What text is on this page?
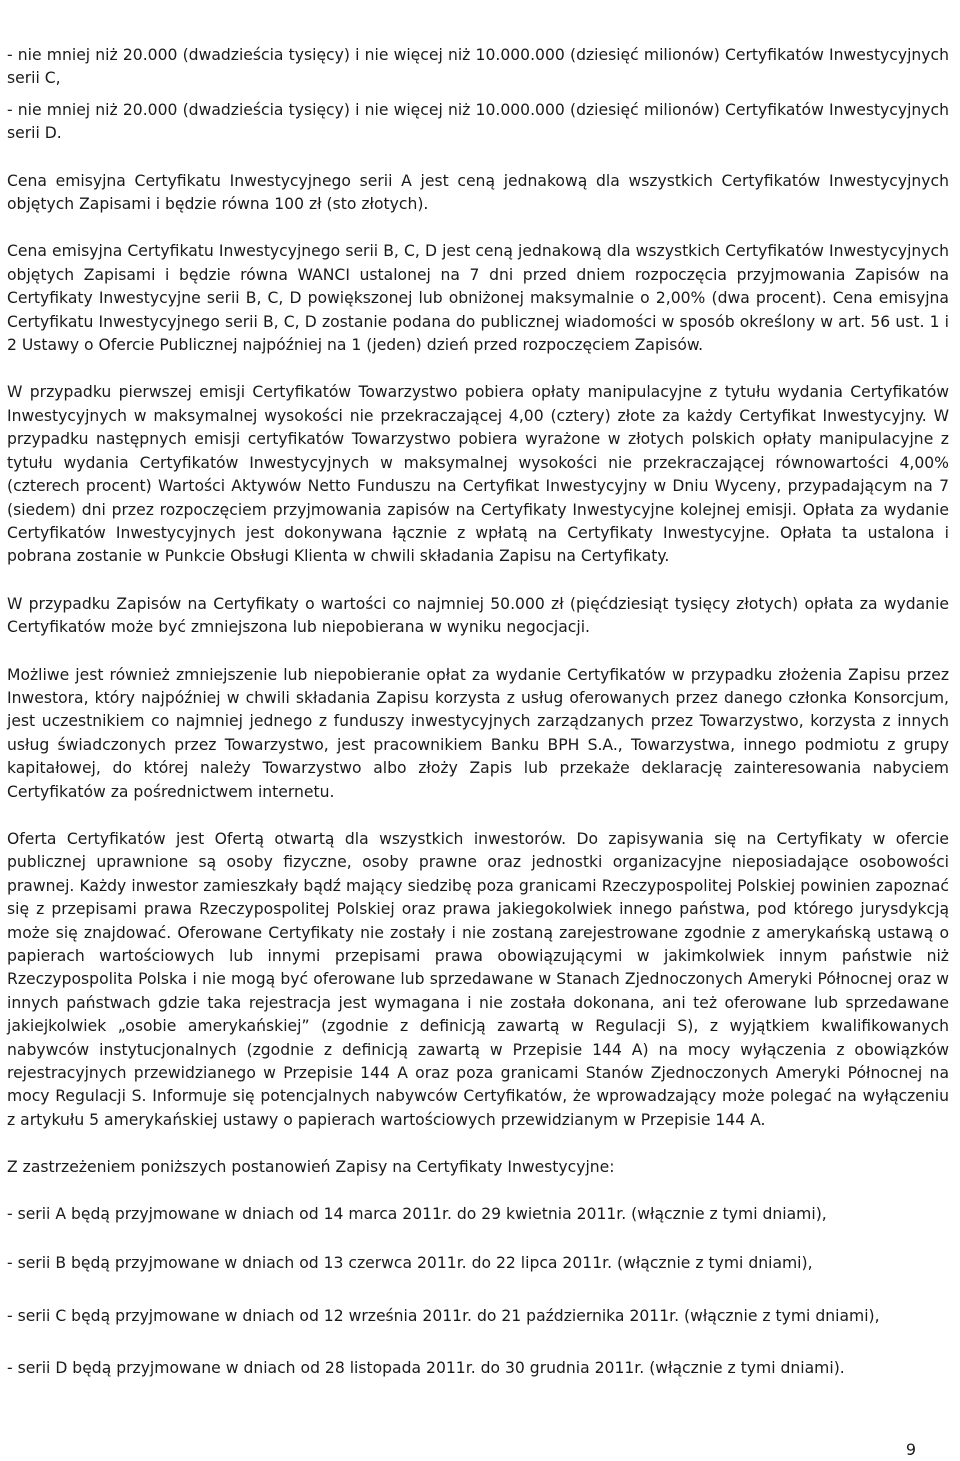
- nie mniej niż 20.000 (dwadzieścia tysięcy) i nie więcej niż 10.000.000 (dziesięć milionów) Certyfikatów Inwestycyjnych serii C,

- nie mniej niż 20.000 (dwadzieścia tysięcy) i nie więcej niż 10.000.000 (dziesięć milionów) Certyfikatów Inwestycyjnych serii D.

Cena emisyjna Certyfikatu Inwestycyjnego serii A jest ceną jednakową dla wszystkich Certyfikatów Inwestycyjnych objętych Zapisami i będzie równa 100 zł (sto złotych).

Cena emisyjna Certyfikatu Inwestycyjnego serii B, C, D jest ceną jednakową dla wszystkich Certyfikatów Inwestycyjnych objętych Zapisami i będzie równa WANCI ustalonej na 7 dni przed dniem rozpoczęcia przyjmowania Zapisów na Certyfikaty Inwestycyjne serii B, C, D powiększonej lub obniżonej maksymalnie o 2,00% (dwa procent). Cena emisyjna Certyfikatu Inwestycyjnego serii B, C, D zostanie podana do publicznej wiadomości w sposób określony w art. 56 ust. 1 i 2 Ustawy o Ofercie Publicznej najpóźniej na 1 (jeden) dzień przed rozpoczęciem Zapisów.

W przypadku pierwszej emisji Certyfikatów Towarzystwo pobiera opłaty manipulacyjne z tytułu wydania Certyfikatów Inwestycyjnych w maksymalnej wysokości nie przekraczającej 4,00 (cztery) złote za każdy Certyfikat Inwestycyjny. W przypadku następnych emisji certyfikatów Towarzystwo pobiera wyrażone w złotych polskich opłaty manipulacyjne z tytułu wydania Certyfikatów Inwestycyjnych w maksymalnej wysokości nie przekraczającej równowartości 4,00% (czterech procent) Wartości Aktywów Netto Funduszu na Certyfikat Inwestycyjny w Dniu Wyceny, przypadającym na 7 (siedem) dni przez rozpoczęciem przyjmowania zapisów na Certyfikaty Inwestycyjne kolejnej emisji. Opłata za wydanie Certyfikatów Inwestycyjnych jest dokonywana łącznie z wpłatą na Certyfikaty Inwestycyjne. Opłata ta ustalona i pobrana zostanie w Punkcie Obsługi Klienta w chwili składania Zapisu na Certyfikaty.

W przypadku Zapisów na Certyfikaty o wartości co najmniej 50.000 zł (pięćdziesiąt tysięcy złotych) opłata za wydanie Certyfikatów może być zmniejszona lub niepobierana w wyniku negocjacji.

Możliwe jest również zmniejszenie lub niepobieranie opłat za wydanie Certyfikatów w przypadku złożenia Zapisu przez Inwestora, który najpóźniej w chwili składania Zapisu korzysta z usług oferowanych przez danego członka Konsorcjum, jest uczestnikiem co najmniej jednego z funduszy inwestycyjnych zarządzanych przez Towarzystwo, korzysta z innych usług świadczonych przez Towarzystwo, jest pracownikiem Banku BPH S.A., Towarzystwa, innego podmiotu z grupy kapitałowej, do której należy Towarzystwo albo złoży Zapis lub przekaże deklarację zainteresowania nabyciem Certyfikatów za pośrednictwem internetu.

Oferta Certyfikatów jest Ofertą otwartą dla wszystkich inwestorów. Do zapisywania się na Certyfikaty w ofercie publicznej uprawnione są osoby fizyczne, osoby prawne oraz jednostki organizacyjne nieposiadające osobowości prawnej. Każdy inwestor zamieszkały bądź mający siedzibę poza granicami Rzeczypospolitej Polskiej powinien zapoznać się z przepisami prawa Rzeczypospolitej Polskiej oraz prawa jakiegokolwiek innego państwa, pod którego jurysdykcją może się znajdować. Oferowane Certyfikaty nie zostały i nie zostaną zarejestrowane zgodnie z amerykańską ustawą o papierach wartościowych lub innymi przepisami prawa obowiązującymi w jakimkolwiek innym państwie niż Rzeczypospolita Polska i nie mogą być oferowane lub sprzedawane w Stanach Zjednoczonych Ameryki Północnej oraz w innych państwach gdzie taka rejestracja jest wymagana i nie została dokonana, ani też oferowane lub sprzedawane jakiejkolwiek „osobie amerykańskiej” (zgodnie z definicją zawartą w Regulacji S), z wyjątkiem kwalifikowanych nabywców instytucjonalnych (zgodnie z definicją zawartą w Przepisie 144 A) na mocy wyłączenia z obowiązków rejestracyjnych przewidzianego w Przepisie 144 A oraz poza granicami Stanów Zjednoczonych Ameryki Północnej na mocy Regulacji S. Informuje się potencjalnych nabywców Certyfikatów, że wprowadzający może polegać na wyłączeniu z artykułu 5 amerykańskiej ustawy o papierach wartościowych przewidzianym w Przepisie 144 A.

Z zastrzeżeniem poniższych postanowień Zapisy na Certyfikaty Inwestycyjne:

- serii A będą przyjmowane w dniach od 14 marca 2011r. do 29 kwietnia 2011r. (włącznie z tymi dniami),

- serii B będą przyjmowane w dniach od 13 czerwca 2011r. do 22 lipca 2011r. (włącznie z tymi dniami),

- serii C będą przyjmowane w dniach od 12 września 2011r. do 21 października 2011r. (włącznie z tymi dniami),

- serii D będą przyjmowane w dniach od 28 listopada 2011r. do 30 grudnia 2011r. (włącznie z tymi dniami).

9
